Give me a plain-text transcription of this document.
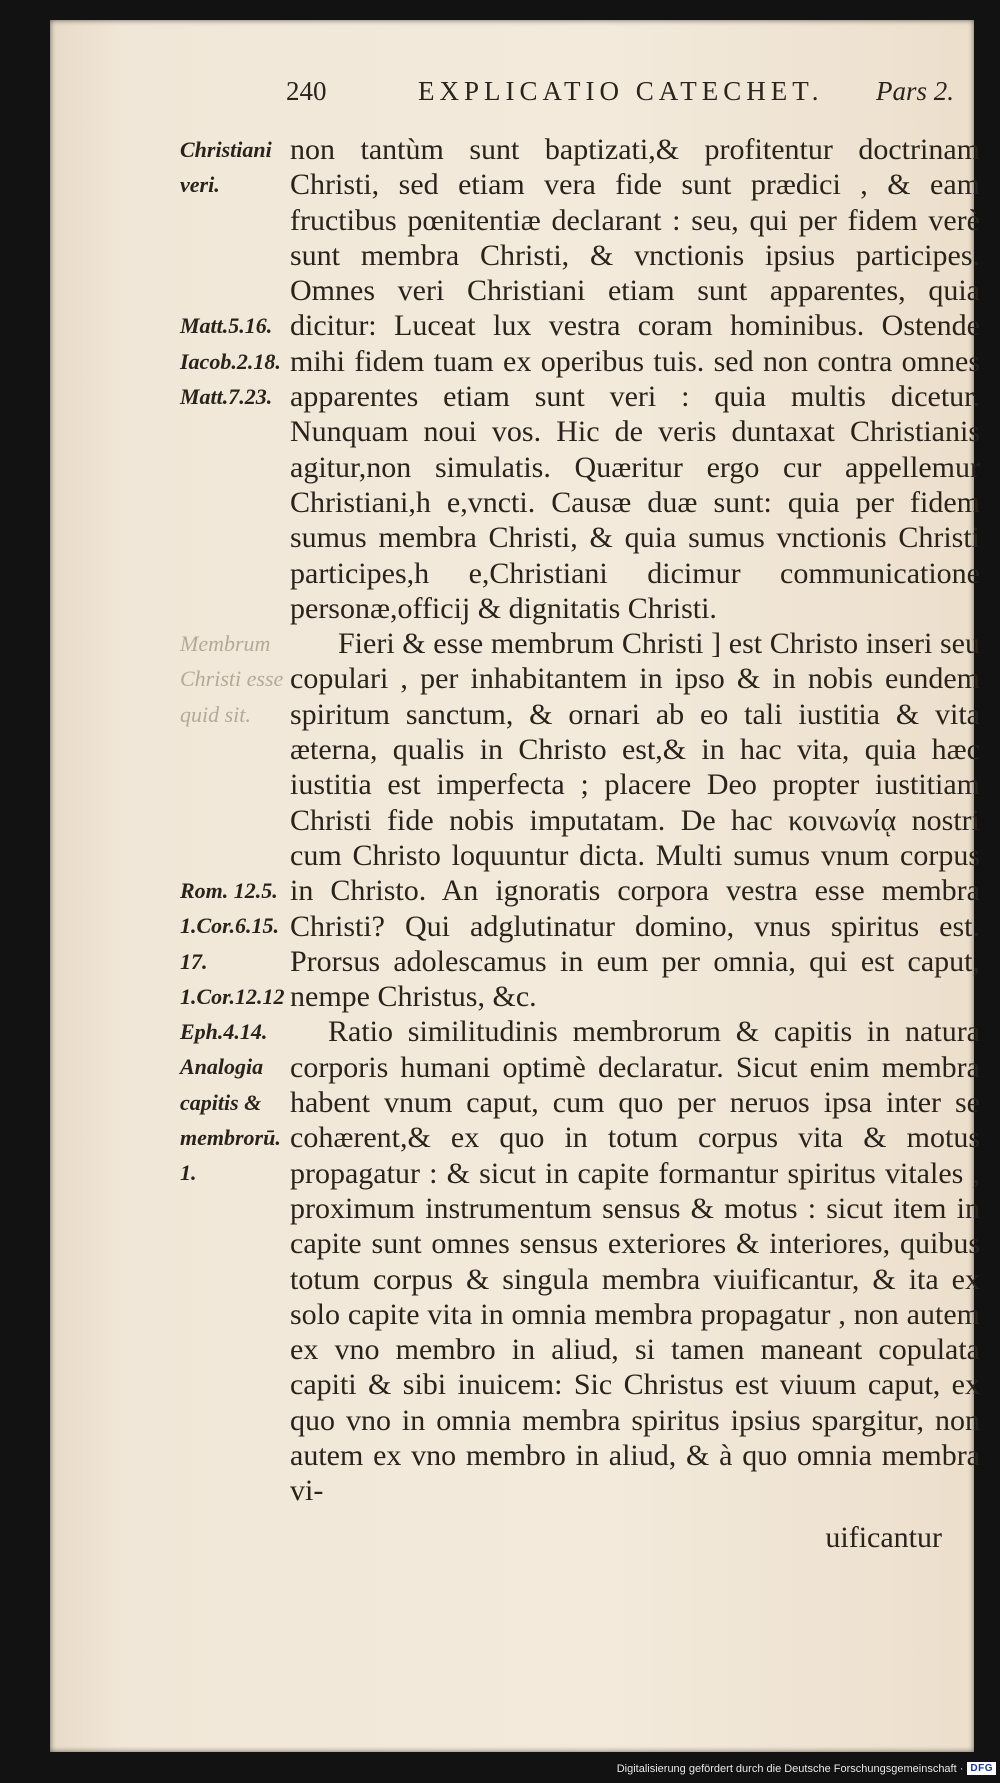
240	EXPLICATIO CATECHET. Pars 2.
Christiani
veri.
Matt.5.16.
Iacob.2.18.
Matt.7.23.
Membrum
Christi esse
quid sit.
Rom. 12.5.
1.Cor.6.15.
17.
1.Cor.12.12
Eph.4.14.
Analogia
capitis &
membrorū.
1.

non tantùm sunt baptizati,& profitentur doctrinam Christi, sed etiam vera fide sunt prædici , & eam fructibus pœnitentiæ declarant : seu, qui per fidem verè sunt membra Christi, & vnctionis ipsius participes. Omnes veri Christiani etiam sunt apparentes, quia dicitur: Luceat lux vestra coram hominibus. Ostende mihi fidem tuam ex operibus tuis. sed non contra omnes apparentes etiam sunt veri : quia multis dicetur. Nunquam noui vos. Hic de veris duntaxat Christianis agitur,non simulatis. Quæritur ergo cur appellemur Christiani,h e,vncti. Causæ duæ sunt: quia per fidem sumus membra Christi, & quia sumus vnctionis Christi participes,h e,Christiani dicimur communicatione personæ,officij & dignitatis Christi.

Fieri & esse membrum Christi ] est Christo inseri seu copulari , per inhabitantem in ipso & in nobis eundem spiritum sanctum, & ornari ab eo tali iustitia & vita æterna, qualis in Christo est,& in hac vita, quia hæc iustitia est imperfecta ; placere Deo propter iustitiam Christi fide nobis imputatam. De hac κοινωνίᾳ nostri cum Christo loquuntur dicta. Multi sumus vnum corpus in Christo. An ignoratis corpora vestra esse membra Christi? Qui adglutinatur domino, vnus spiritus est. Prorsus adolescamus in eum per omnia, qui est caput, nempe Christus, &c.

Ratio similitudinis membrorum & capitis in natura corporis humani optimè declaratur. Sicut enim membra habent vnum caput, cum quo per neruos ipsa inter se cohærent,& ex quo in totum corpus vita & motus propagatur : & sicut in capite formantur spiritus vitales , proximum instrumentum sensus & motus : sicut item in capite sunt omnes sensus exteriores & interiores, quibus totum corpus & singula membra viuificantur, & ita ex solo capite vita in omnia membra propagatur , non autem ex vno membro in aliud, si tamen maneant copulata capiti & sibi inuicem: Sic Christus est viuum caput, ex quo vno in omnia membra spiritus ipsius spargitur, non autem ex vno membro in aliud, & à quo omnia membra vi-

uificantur
Digitalisierung gefördert durch die Deutsche Forschungsgemeinschaft · DFG
